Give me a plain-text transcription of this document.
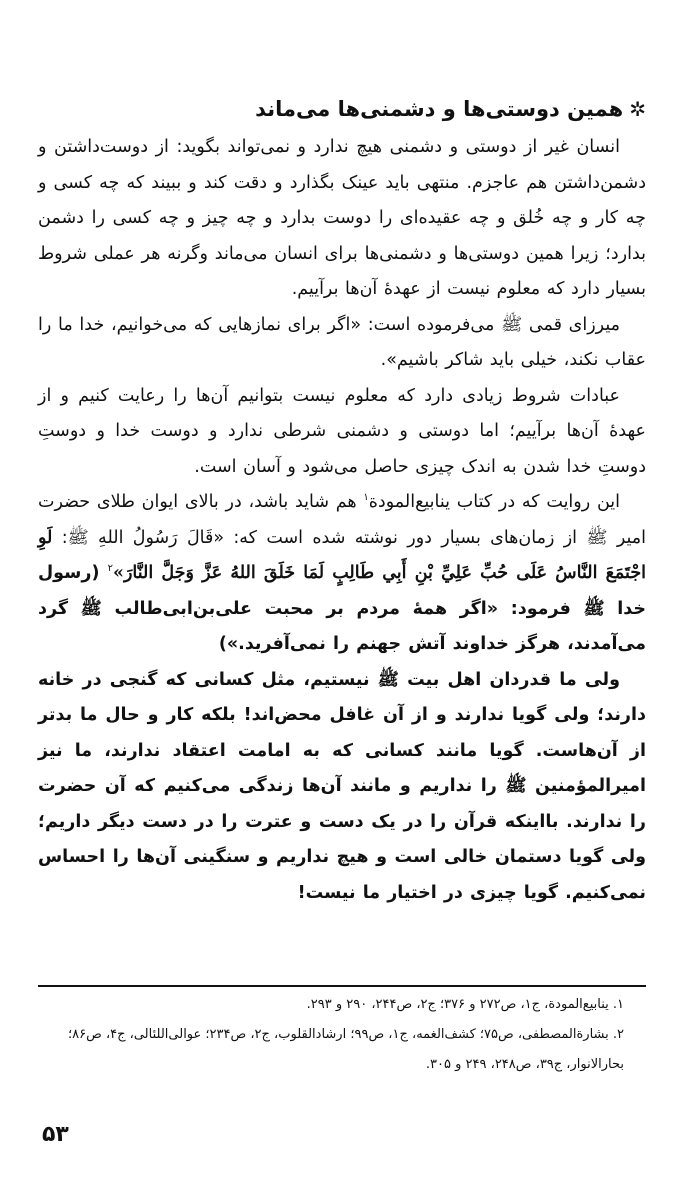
✲همین دوستی‌ها و دشمنی‌ها می‌ماند

انسان غیر از دوستی و دشمنی هیچ ندارد و نمی‌تواند بگوید: از دوست‌داشتن و دشمن‌داشتن هم عاجزم. منتهی باید عینک بگذارد و دقت کند و ببیند که چه کسی و چه کار و چه خُلق و چه عقیده‌ای را دوست بدارد و چه چیز و چه کسی را دشمن بدارد؛ زیرا همین دوستی‌ها و دشمنی‌ها برای انسان می‌ماند وگرنه هر عملی شروط بسیار دارد که معلوم نیست از عهدهٔ آن‌ها برآییم.

میرزای قمی ﷺ می‌فرموده است: «اگر برای نمازهایی که می‌خوانیم، خدا ما را عقاب نکند، خیلی باید شاکر باشیم».

عبادات شروط زیادی دارد که معلوم نیست بتوانیم آن‌ها را رعایت کنیم و از عهدهٔ آن‌ها برآییم؛ اما دوستی و دشمنی شرطی ندارد و دوست خدا و دوستِ دوستِ خدا شدن به اندک چیزی حاصل می‌شود و آسان است.

این روایت که در کتاب ینابیع‌المودة$^۱$ هم شاید باشد، در بالای ایوان طلای حضرت امیر ﷺ از زمان‌های بسیار دور نوشته شده است که: «قَالَ رَسُولُ اللهِ ﷺ: لَوِ اجْتَمَعَ النَّاسُ عَلَى حُبِّ عَلِيِّ بْنِ أَبِي طَالِبٍ لَمَا خَلَقَ اللهُ عَزَّ وَجَلَّ النَّارَ»$^۲$ (رسول خدا ﷺ فرمود: «اگر همهٔ مردم بر محبت علی‌بن‌ابی‌طالب ﷺ گرد می‌آمدند، هرگز خداوند آتش جهنم را نمی‌آفرید.»)

ولی ما قدردان اهل بیت ﷺ نیستیم، مثل کسانی که گنجی در خانه دارند؛ ولی گویا ندارند و از آن غافل محض‌اند! بلکه کار و حال ما بدتر از آن‌هاست. گویا مانند کسانی که به امامت اعتقاد ندارند، ما نیز امیرالمؤمنین ﷺ را نداریم و مانند آن‌ها زندگی می‌کنیم که آن حضرت را ندارند. بااینکه قرآن را در یک دست و عترت را در دست دیگر داریم؛ ولی گویا دستمان خالی است و هیچ نداریم و سنگینی آن‌ها را احساس نمی‌کنیم. گویا چیزی در اختیار ما نیست!

۱. ینابیع‌المودة، ج۱، ص۲۷۲ و ۳۷۶؛ ج۲، ص۲۴۴، ۲۹۰ و ۲۹۳.

۲. بشارة‌المصطفی، ص۷۵؛ کشف‌الغمه، ج۱، ص۹۹؛ ارشادالقلوب، ج۲، ص۲۳۴؛ عوالی‌اللئالی، ج۴، ص۸۶؛ بحارالانوار، ج۳۹، ص۲۴۸، ۲۴۹ و ۳۰۵.

۵۳
